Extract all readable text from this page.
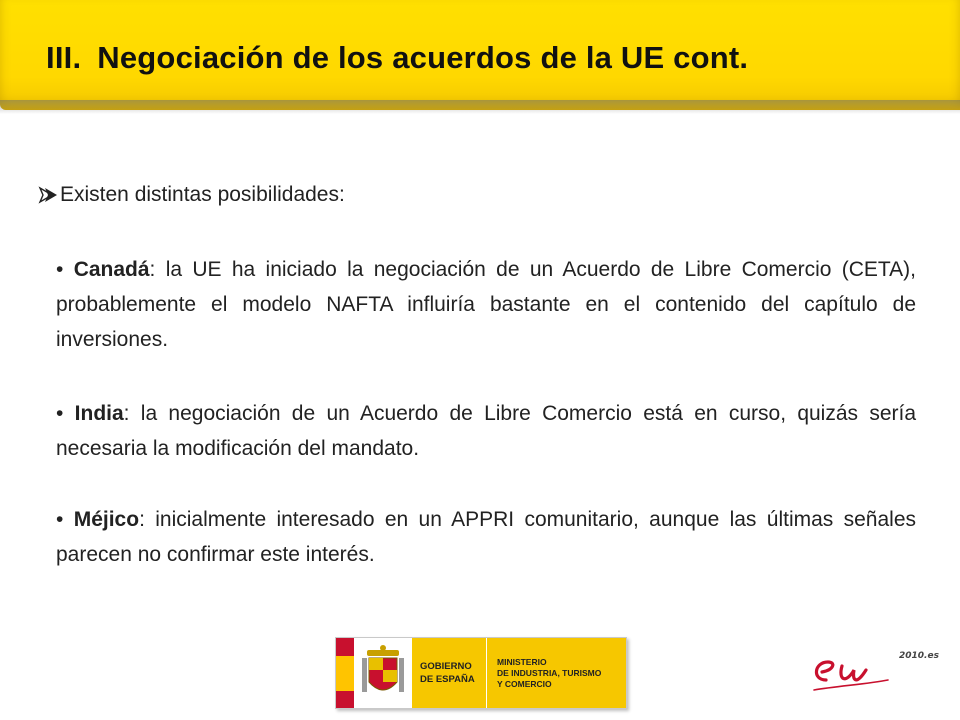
III. Negociación de los acuerdos de la UE cont.
Existen distintas posibilidades:
• Canadá: la UE ha iniciado la negociación de un Acuerdo de Libre Comercio (CETA), probablemente el modelo NAFTA influiría bastante en el contenido del capítulo de inversiones.
• India: la negociación de un Acuerdo de Libre Comercio está en curso, quizás sería necesaria la modificación del mandato.
• Méjico: inicialmente interesado en un APPRI comunitario, aunque las últimas señales parecen no confirmar este interés.
GOBIERNO
DE ESPAÑA
MINISTERIO
DE INDUSTRIA, TURISMO
Y COMERCIO
2010.es
